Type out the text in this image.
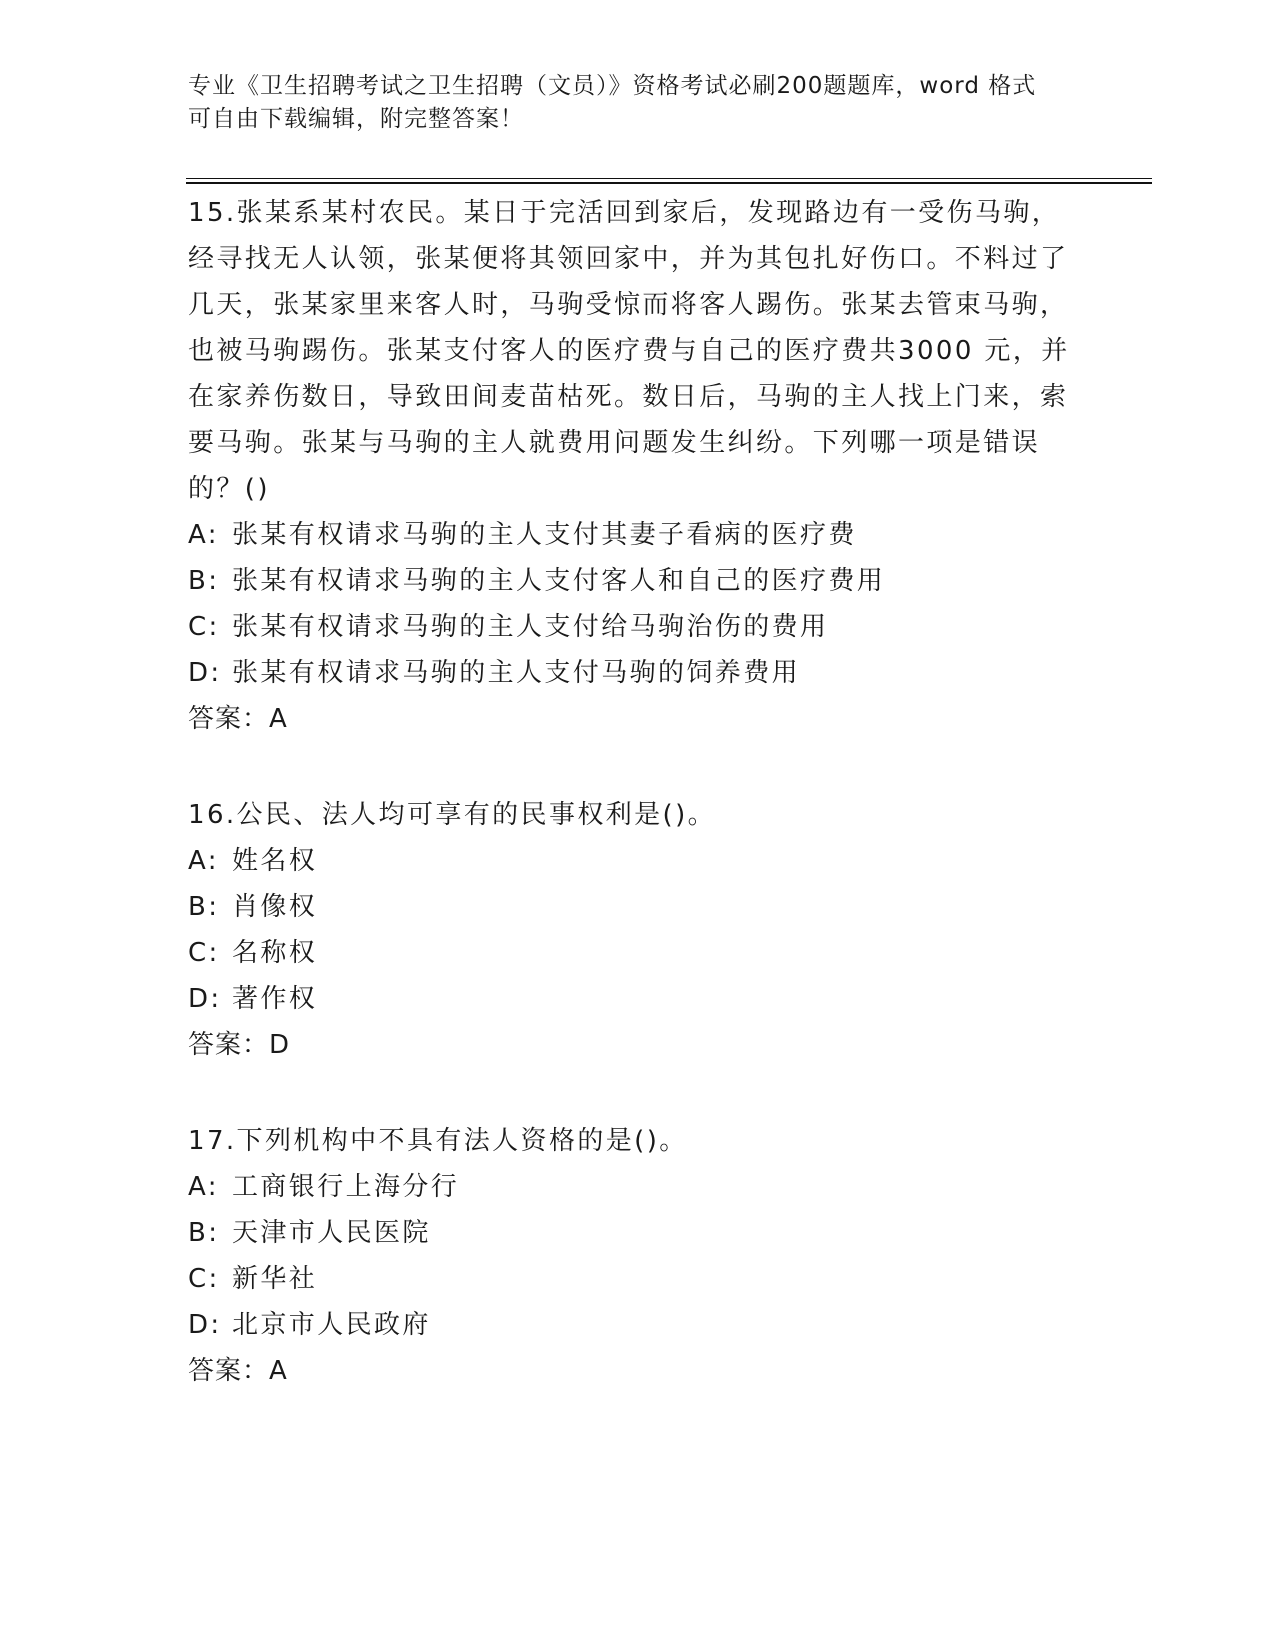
专业《卫生招聘考试之卫生招聘（文员）》资格考试必刷200题题库，word 格式
可自由下载编辑，附完整答案！

15.张某系某村农民。某日于完活回到家后，发现路边有一受伤马驹，经寻找无人认领，张某便将其领回家中，并为其包扎好伤口。不料过了几天，张某家里来客人时，马驹受惊而将客人踢伤。张某去管束马驹，也被马驹踢伤。张某支付客人的医疗费与自己的医疗费共3000 元，并在家养伤数日，导致田间麦苗枯死。数日后，马驹的主人找上门来，索要马驹。张某与马驹的主人就费用问题发生纠纷。下列哪一项是错误的？()

A: 张某有权请求马驹的主人支付其妻子看病的医疗费
B: 张某有权请求马驹的主人支付客人和自己的医疗费用
C: 张某有权请求马驹的主人支付给马驹治伤的费用
D: 张某有权请求马驹的主人支付马驹的饲养费用
答案：A

16.公民、法人均可享有的民事权利是()。

A: 姓名权
B: 肖像权
C: 名称权
D: 著作权
答案：D

17.下列机构中不具有法人资格的是()。

A: 工商银行上海分行
B: 天津市人民医院
C: 新华社
D: 北京市人民政府
答案：A
